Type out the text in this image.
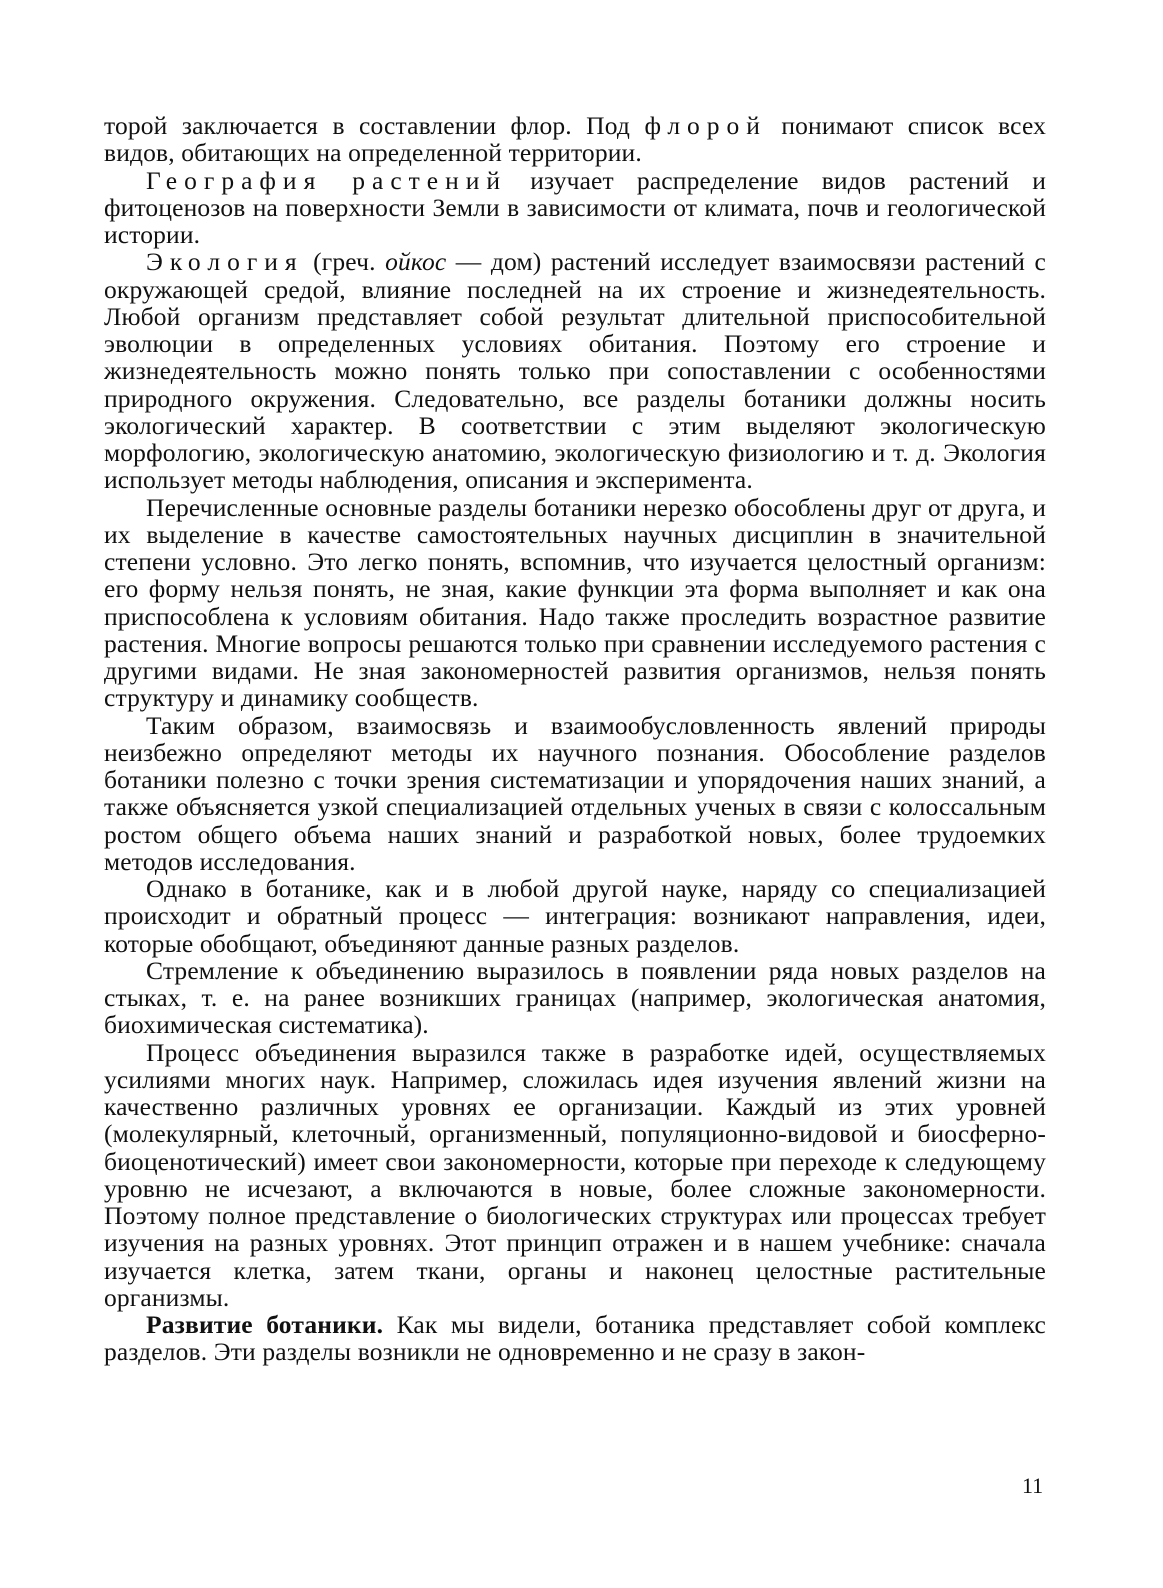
торой заключается в составлении флор. Под флорой понимают список всех видов, обитающих на определенной территории.

География растений изучает распределение видов растений и фитоценозов на поверхности Земли в зависимости от климата, почв и геологической истории.

Экология (греч. ойкос — дом) растений исследует взаимосвязи растений с окружающей средой, влияние последней на их строение и жизнедеятельность. Любой организм представляет собой результат длительной приспособительной эволюции в определенных условиях обитания. Поэтому его строение и жизнедеятельность можно понять только при сопоставлении с особенностями природного окружения. Следовательно, все разделы ботаники должны носить экологический характер. В соответствии с этим выделяют экологическую морфологию, экологическую анатомию, экологическую физиологию и т. д. Экология использует методы наблюдения, описания и эксперимента.

Перечисленные основные разделы ботаники нерезко обособлены друг от друга, и их выделение в качестве самостоятельных научных дисциплин в значительной степени условно. Это легко понять, вспомнив, что изучается целостный организм: его форму нельзя понять, не зная, какие функции эта форма выполняет и как она приспособлена к условиям обитания. Надо также проследить возрастное развитие растения. Многие вопросы решаются только при сравнении исследуемого растения с другими видами. Не зная закономерностей развития организмов, нельзя понять структуру и динамику сообществ.

Таким образом, взаимосвязь и взаимообусловленность явлений природы неизбежно определяют методы их научного познания. Обособление разделов ботаники полезно с точки зрения систематизации и упорядочения наших знаний, а также объясняется узкой специализацией отдельных ученых в связи с колоссальным ростом общего объема наших знаний и разработкой новых, более трудоемких методов исследования.

Однако в ботанике, как и в любой другой науке, наряду со специализацией происходит и обратный процесс — интеграция: возникают направления, идеи, которые обобщают, объединяют данные разных разделов.

Стремление к объединению выразилось в появлении ряда новых разделов на стыках, т. е. на ранее возникших границах (например, экологическая анатомия, биохимическая систематика).

Процесс объединения выразился также в разработке идей, осуществляемых усилиями многих наук. Например, сложилась идея изучения явлений жизни на качественно различных уровнях ее организации. Каждый из этих уровней (молекулярный, клеточный, организменный, популяционно-видовой и биосферно-биоценотический) имеет свои закономерности, которые при переходе к следующему уровню не исчезают, а включаются в новые, более сложные закономерности. Поэтому полное представление о биологических структурах или процессах требует изучения на разных уровнях. Этот принцип отражен и в нашем учебнике: сначала изучается клетка, затем ткани, органы и наконец целостные растительные организмы.

Развитие ботаники. Как мы видели, ботаника представляет собой комплекс разделов. Эти разделы возникли не одновременно и не сразу в закон-

11
